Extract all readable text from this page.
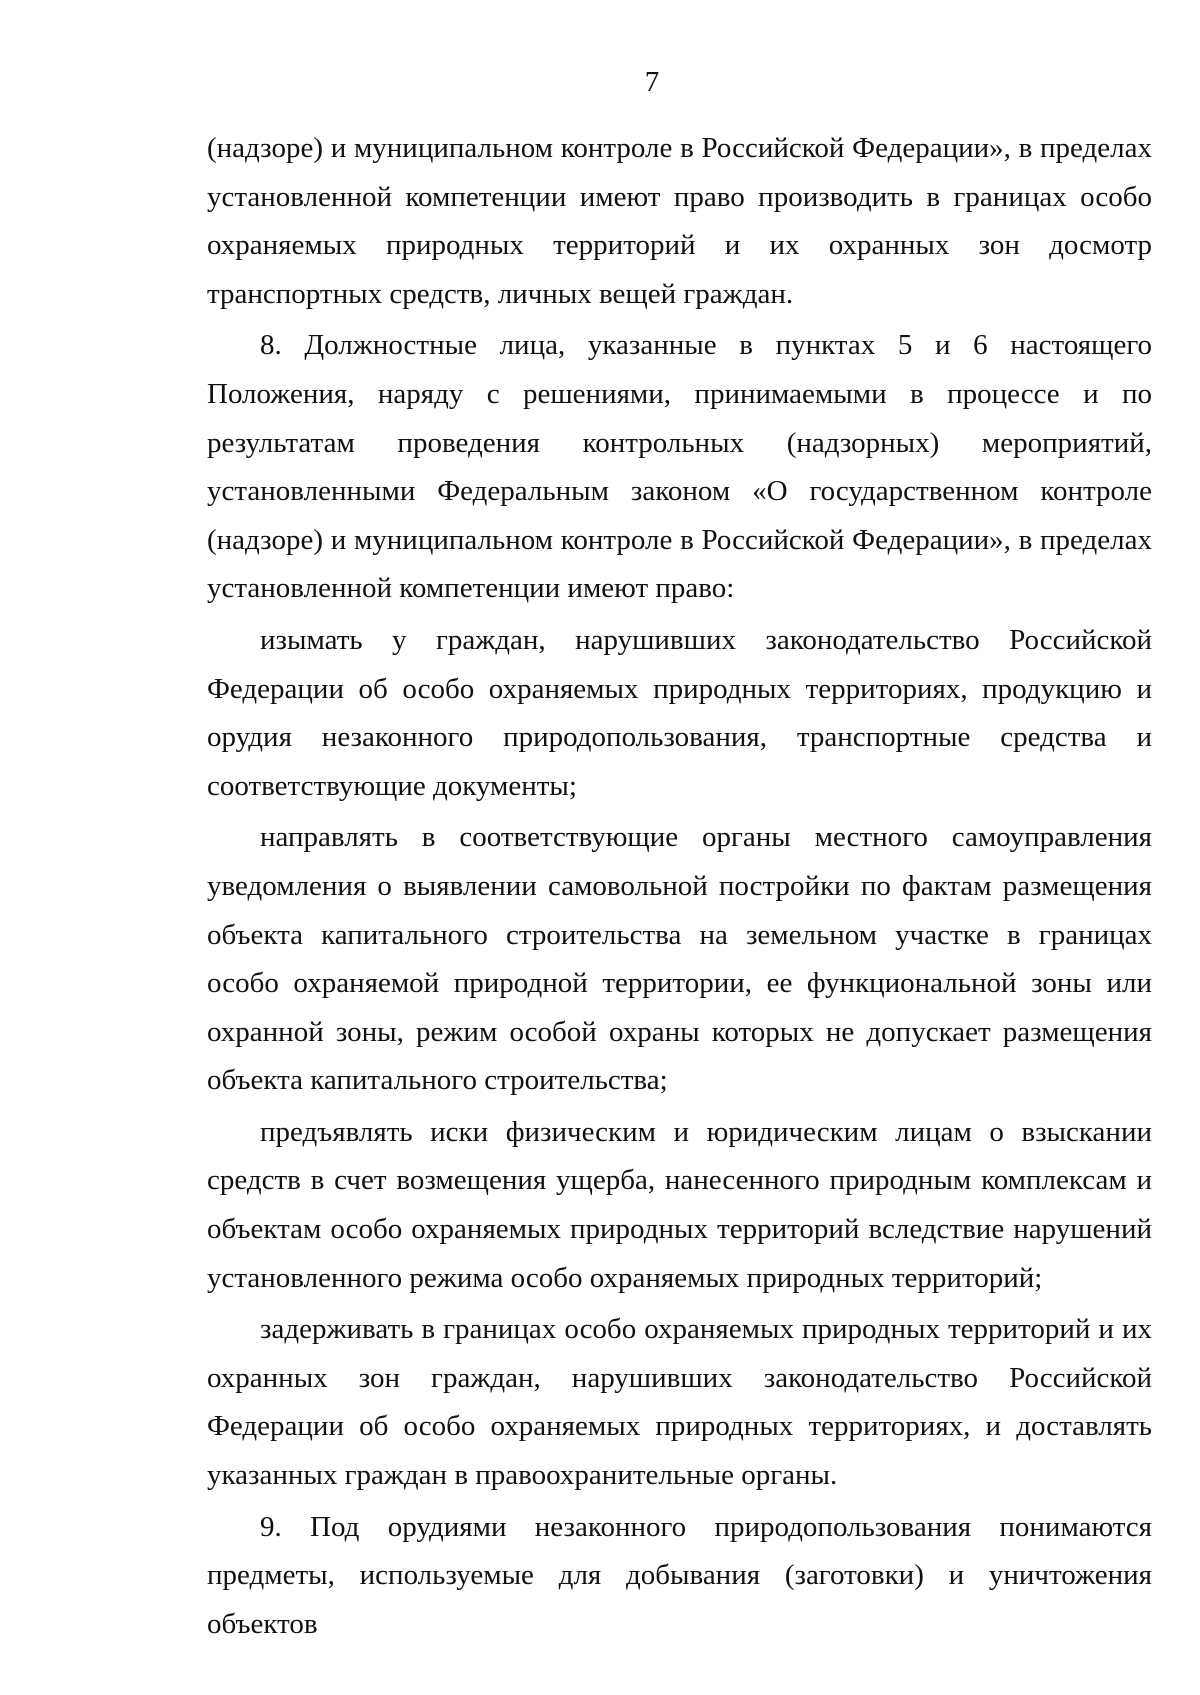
7

(надзоре) и муниципальном контроле в Российской Федерации», в пределах установленной компетенции имеют право производить в границах особо охраняемых природных территорий и их охранных зон досмотр транспортных средств, личных вещей граждан.

8. Должностные лица, указанные в пунктах 5 и 6 настоящего Положения, наряду с решениями, принимаемыми в процессе и по результатам проведения контрольных (надзорных) мероприятий, установленными Федеральным законом «О государственном контроле (надзоре) и муниципальном контроле в Российской Федерации», в пределах установленной компетенции имеют право:

изымать у граждан, нарушивших законодательство Российской Федерации об особо охраняемых природных территориях, продукцию и орудия незаконного природопользования, транспортные средства и соответствующие документы;

направлять в соответствующие органы местного самоуправления уведомления о выявлении самовольной постройки по фактам размещения объекта капитального строительства на земельном участке в границах особо охраняемой природной территории, ее функциональной зоны или охранной зоны, режим особой охраны которых не допускает размещения объекта капитального строительства;

предъявлять иски физическим и юридическим лицам о взыскании средств в счет возмещения ущерба, нанесенного природным комплексам и объектам особо охраняемых природных территорий вследствие нарушений установленного режима особо охраняемых природных территорий;

задерживать в границах особо охраняемых природных территорий и их охранных зон граждан, нарушивших законодательство Российской Федерации об особо охраняемых природных территориях, и доставлять указанных граждан в правоохранительные органы.

9. Под орудиями незаконного природопользования понимаются предметы, используемые для добывания (заготовки) и уничтожения объектов
